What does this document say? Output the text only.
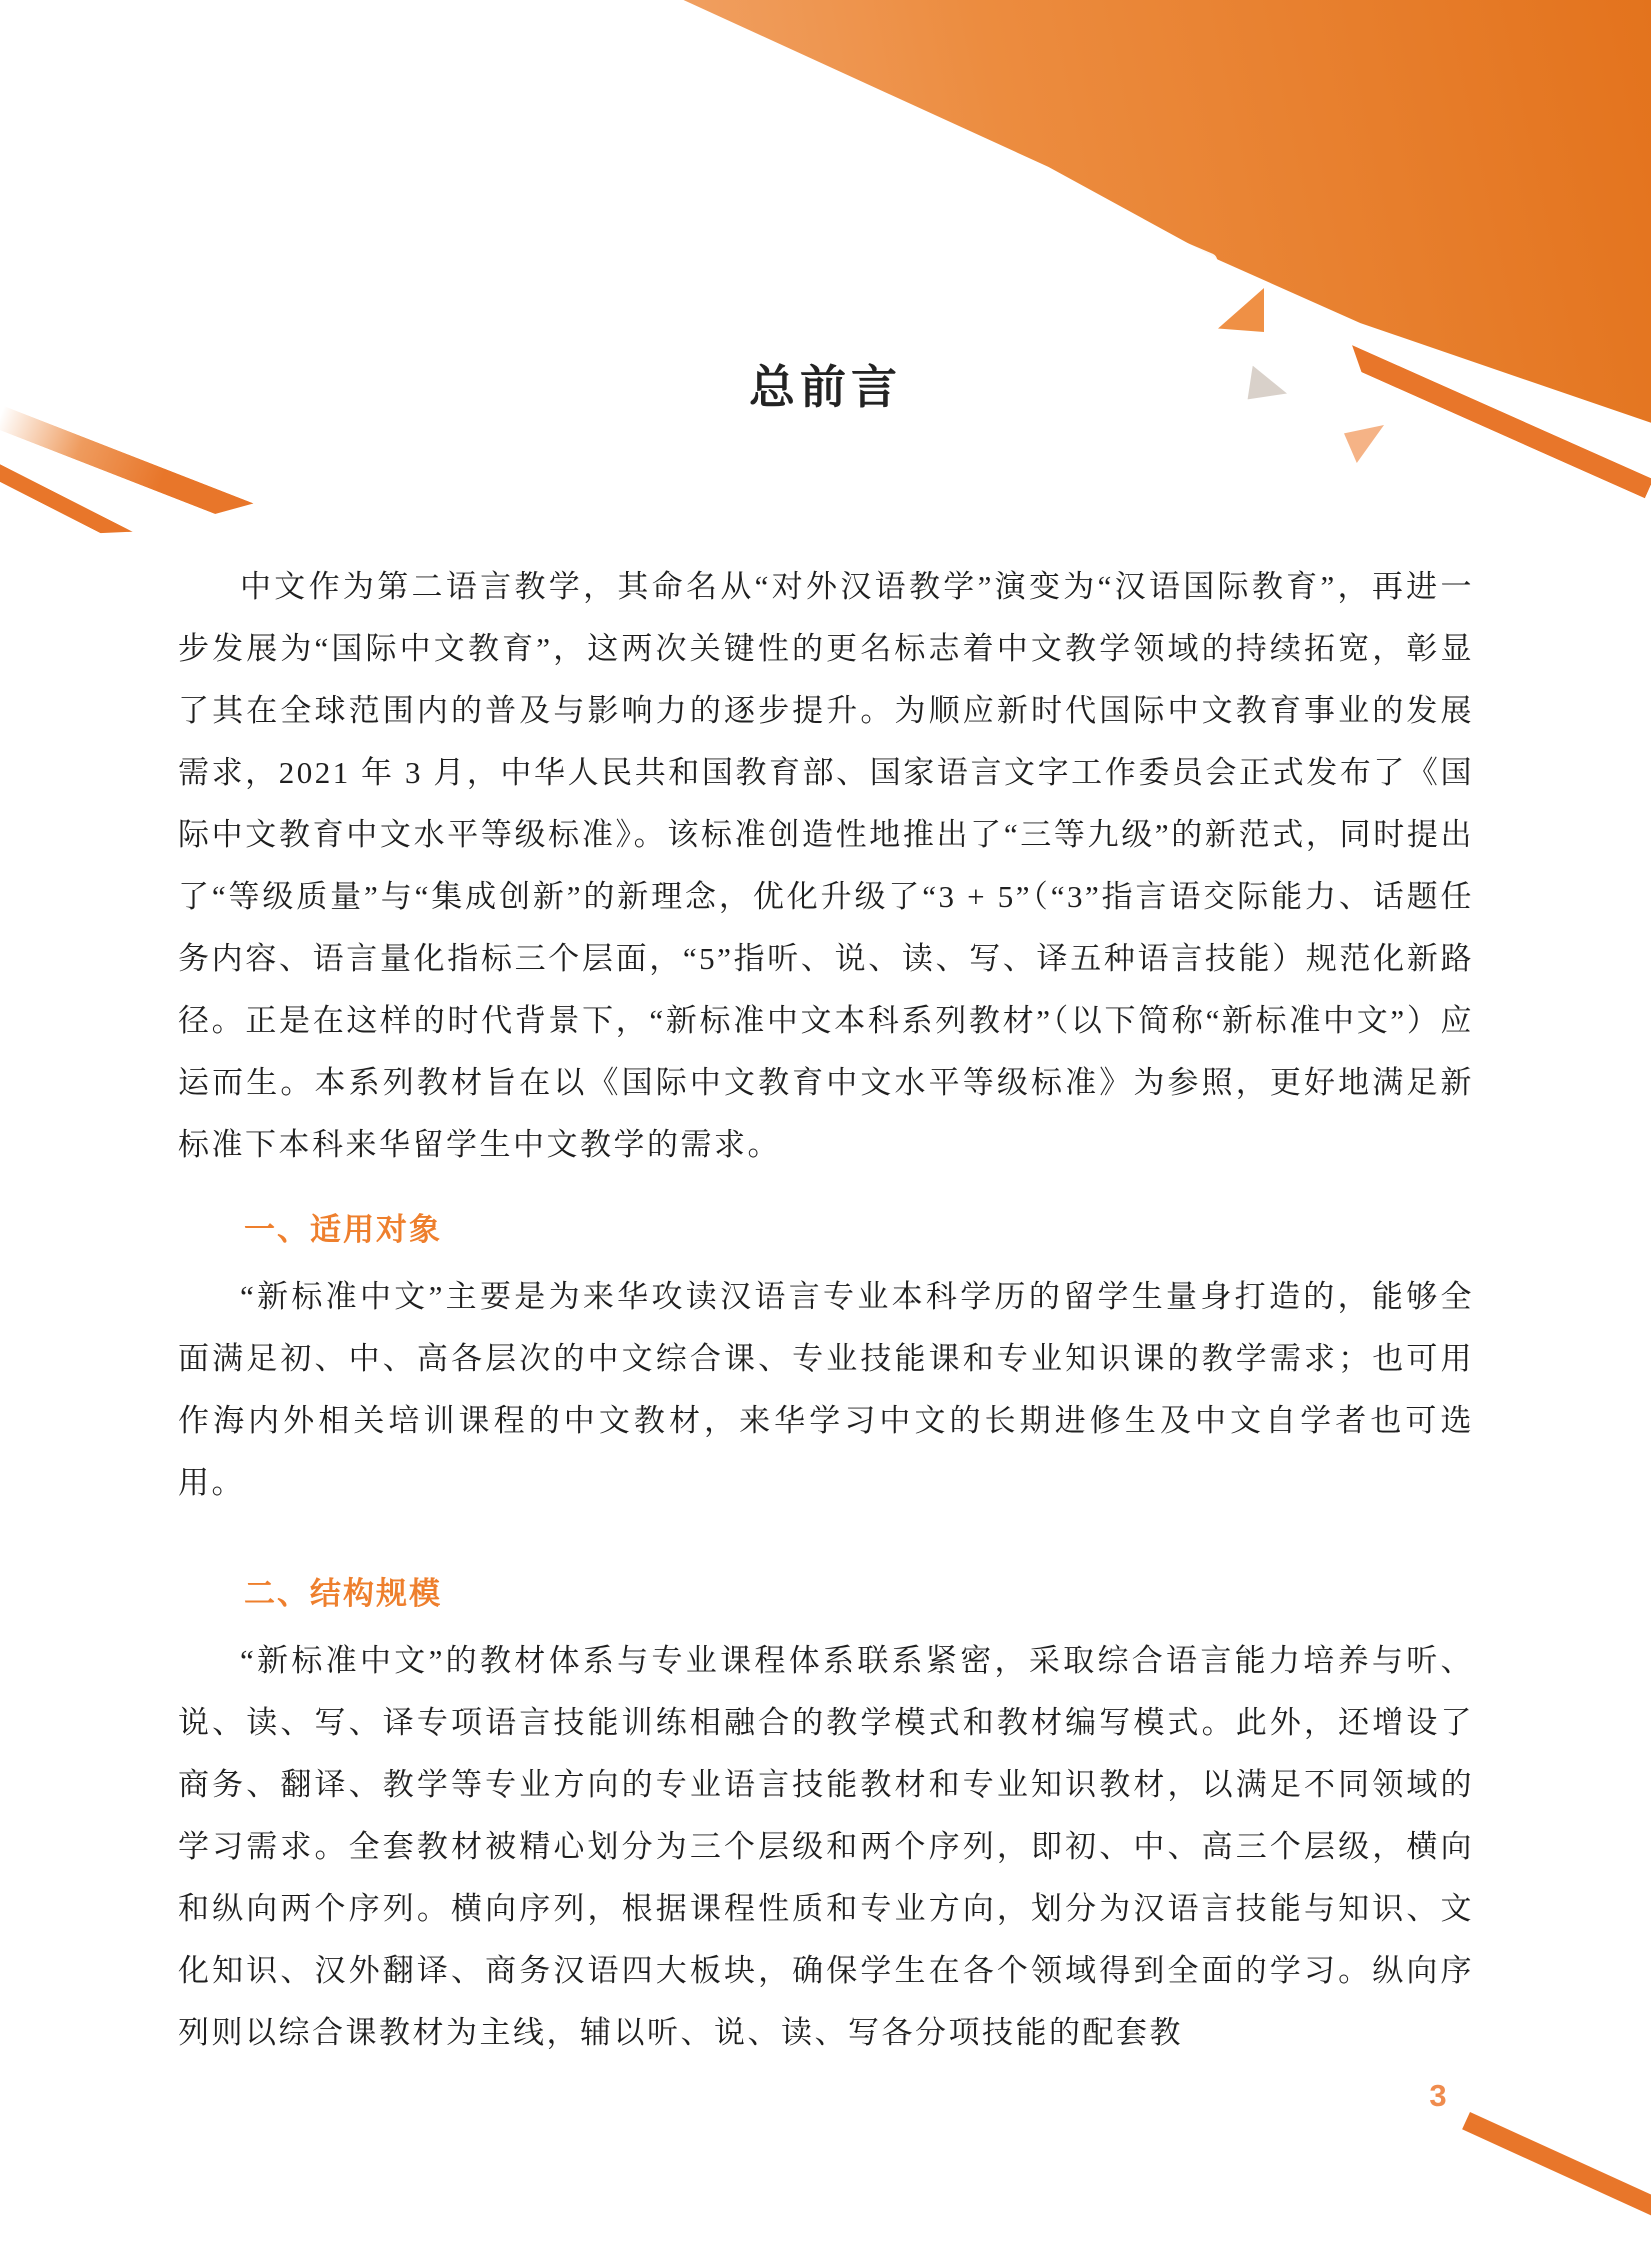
总前言

中文作为第二语言教学，其命名从“对外汉语教学”演变为“汉语国际教育”，再进一步发展为“国际中文教育”，这两次关键性的更名标志着中文教学领域的持续拓宽，彰显了其在全球范围内的普及与影响力的逐步提升。为顺应新时代国际中文教育事业的发展需求，2021 年 3 月，中华人民共和国教育部、国家语言文字工作委员会正式发布了《国际中文教育中文水平等级标准》。该标准创造性地推出了“三等九级”的新范式，同时提出了“等级质量”与“集成创新”的新理念，优化升级了“3 + 5”（“3”指言语交际能力、话题任务内容、语言量化指标三个层面，“5”指听、说、读、写、译五种语言技能）规范化新路径。正是在这样的时代背景下，“新标准中文本科系列教材”（以下简称“新标准中文”）应运而生。本系列教材旨在以《国际中文教育中文水平等级标准》为参照，更好地满足新标准下本科来华留学生中文教学的需求。

一、适用对象

“新标准中文”主要是为来华攻读汉语言专业本科学历的留学生量身打造的，能够全面满足初、中、高各层次的中文综合课、专业技能课和专业知识课的教学需求；也可用作海内外相关培训课程的中文教材，来华学习中文的长期进修生及中文自学者也可选用。

二、结构规模

“新标准中文”的教材体系与专业课程体系联系紧密，采取综合语言能力培养与听、说、读、写、译专项语言技能训练相融合的教学模式和教材编写模式。此外，还增设了商务、翻译、教学等专业方向的专业语言技能教材和专业知识教材，以满足不同领域的学习需求。全套教材被精心划分为三个层级和两个序列，即初、中、高三个层级，横向和纵向两个序列。横向序列，根据课程性质和专业方向，划分为汉语言技能与知识、文化知识、汉外翻译、商务汉语四大板块，确保学生在各个领域得到全面的学习。纵向序列则以综合课教材为主线，辅以听、说、读、写各分项技能的配套教

3
